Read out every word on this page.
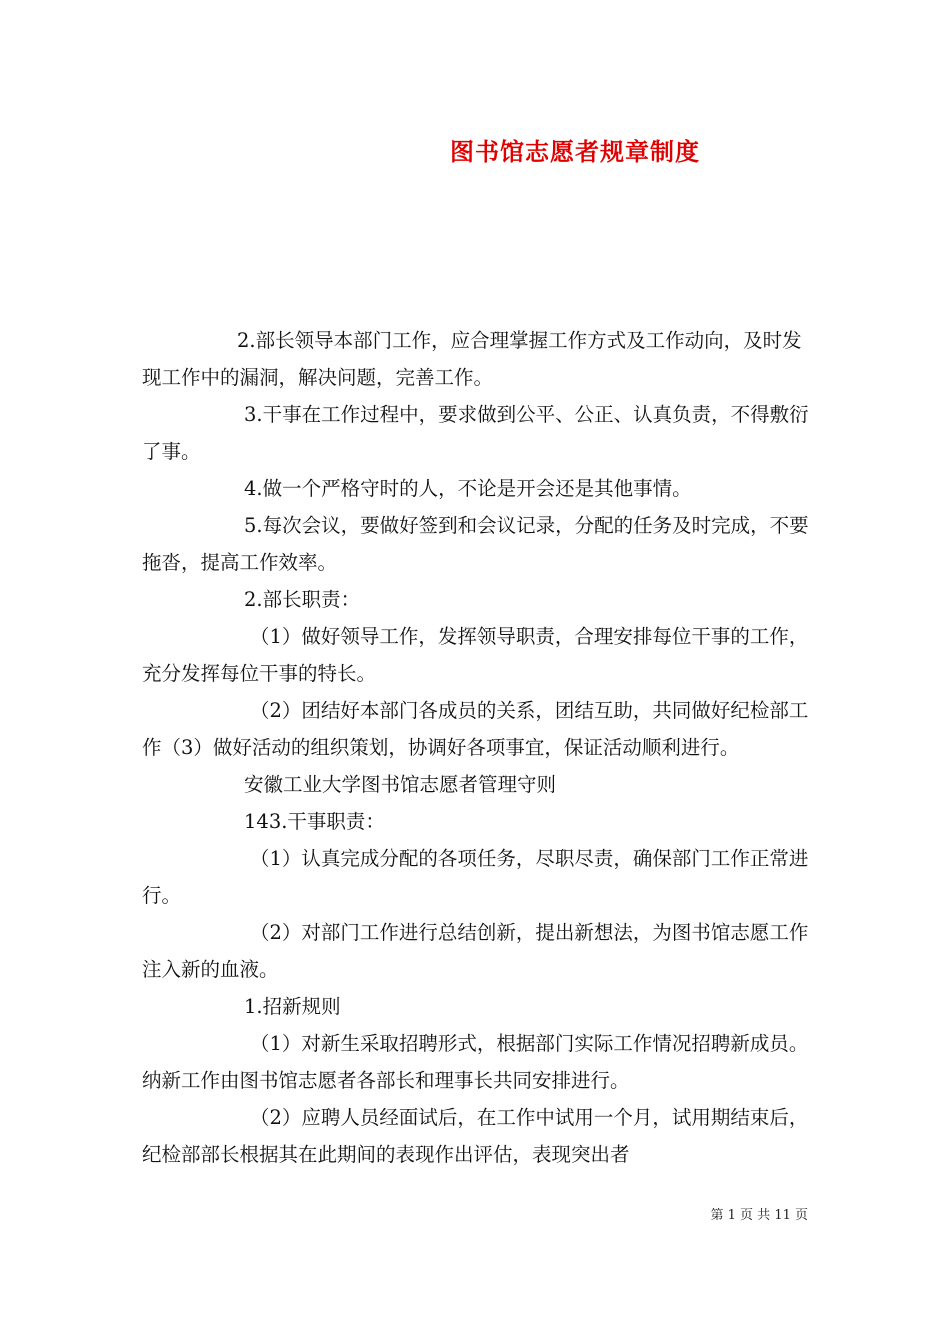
图书馆志愿者规章制度

2.部长领导本部门工作，应合理掌握工作方式及工作动向，及时发现工作中的漏洞，解决问题，完善工作。

3.干事在工作过程中，要求做到公平、公正、认真负责，不得敷衍了事。

4.做一个严格守时的人，不论是开会还是其他事情。

5.每次会议，要做好签到和会议记录，分配的任务及时完成，不要拖沓，提高工作效率。

2.部长职责：

（1）做好领导工作，发挥领导职责，合理安排每位干事的工作，充分发挥每位干事的特长。

（2）团结好本部门各成员的关系，团结互助，共同做好纪检部工作（3）做好活动的组织策划，协调好各项事宜，保证活动顺利进行。

安徽工业大学图书馆志愿者管理守则

143.干事职责：

（1）认真完成分配的各项任务，尽职尽责，确保部门工作正常进行。

（2）对部门工作进行总结创新，提出新想法，为图书馆志愿工作注入新的血液。

1.招新规则

（1）对新生采取招聘形式，根据部门实际工作情况招聘新成员。纳新工作由图书馆志愿者各部长和理事长共同安排进行。

（2）应聘人员经面试后，在工作中试用一个月，试用期结束后，纪检部部长根据其在此期间的表现作出评估，表现突出者

第 1 页 共 11 页
